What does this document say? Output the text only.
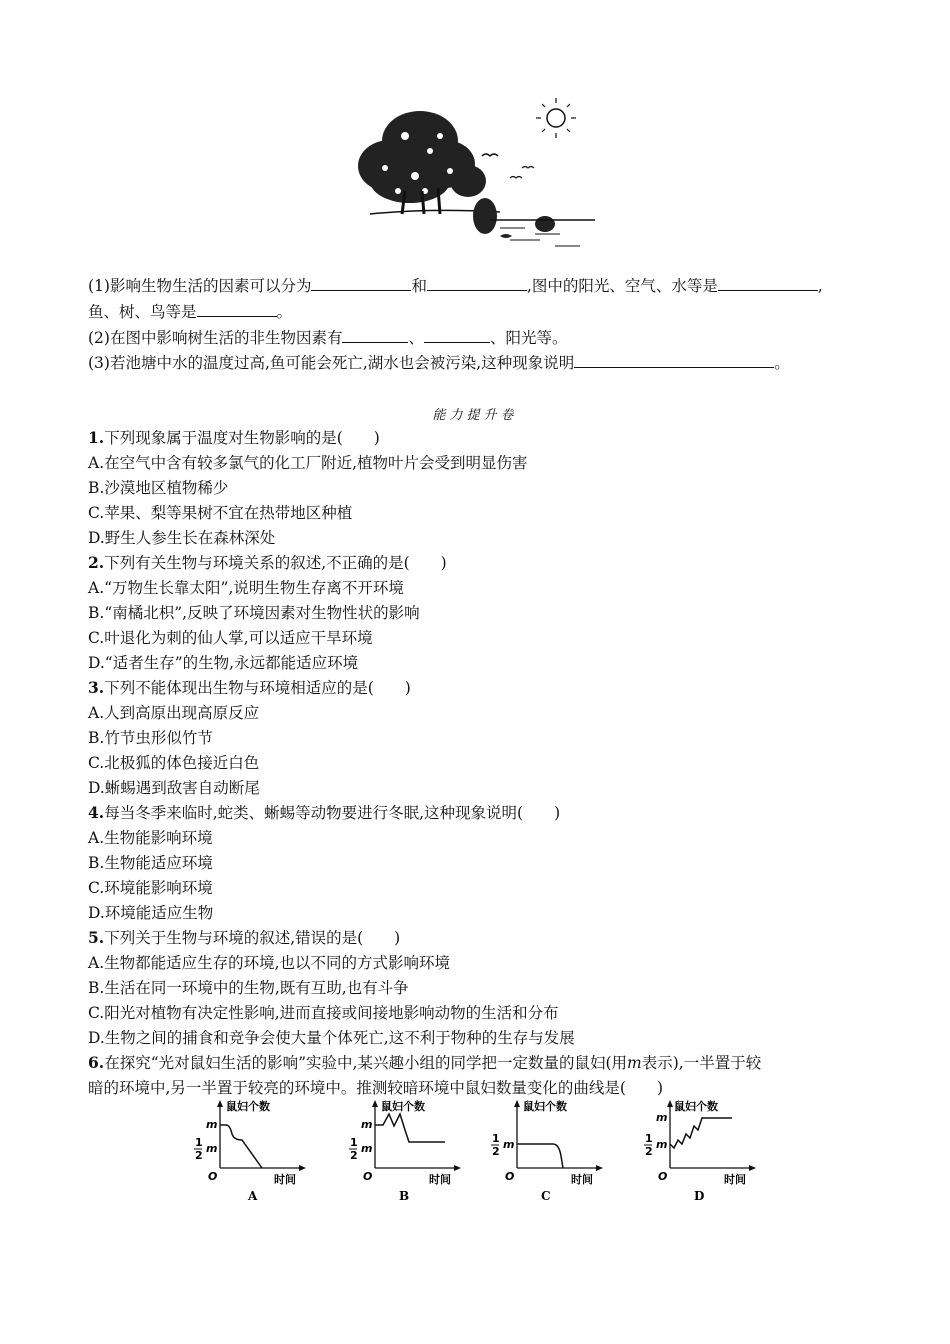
(1)影响生物生活的因素可以分为	和	,图中的阳光、空气、水等是	,
鱼、树、鸟等是	。
(2)在图中影响树生活的非生物因素有	、	、阳光等。
(3)若池塘中水的温度过高,鱼可能会死亡,湖水也会被污染,这种现象说明	。
能力提升卷
1.下列现象属于温度对生物影响的是(　　)
A.在空气中含有较多氯气的化工厂附近,植物叶片会受到明显伤害
B.沙漠地区植物稀少
C.苹果、梨等果树不宜在热带地区种植
D.野生人参生长在森林深处
2.下列有关生物与环境关系的叙述,不正确的是(　　)
A.“万物生长靠太阳”,说明生物生存离不开环境
B.“南橘北枳”,反映了环境因素对生物性状的影响
C.叶退化为刺的仙人掌,可以适应干旱环境
D.“适者生存”的生物,永远都能适应环境
3.下列不能体现出生物与环境相适应的是(　　)
A.人到高原出现高原反应
B.竹节虫形似竹节
C.北极狐的体色接近白色
D.蜥蜴遇到敌害自动断尾
4.每当冬季来临时,蛇类、蜥蜴等动物要进行冬眠,这种现象说明(　　)
A.生物能影响环境
B.生物能适应环境
C.环境能影响环境
D.环境能适应生物
5.下列关于生物与环境的叙述,错误的是(　　)
A.生物都能适应生存的环境,也以不同的方式影响环境
B.生活在同一环境中的生物,既有互助,也有斗争
C.阳光对植物有决定性影响,进而直接或间接地影响动物的生活和分布
D.生物之间的捕食和竞争会使大量个体死亡,这不利于物种的生存与发展
6.在探究“光对鼠妇生活的影响”实验中,某兴趣小组的同学把一定数量的鼠妇(用m表示),一半置于较
暗的环境中,另一半置于较亮的环境中。推测较暗环境中鼠妇数量变化的曲线是(　　)
鼠妇个数
时间
O
m
1
2
m
A
鼠妇个数
时间
O
m
1
2
m
B
鼠妇个数
时间
O
1
2
m
C
鼠妇个数
时间
O
m
1
2
m
D
